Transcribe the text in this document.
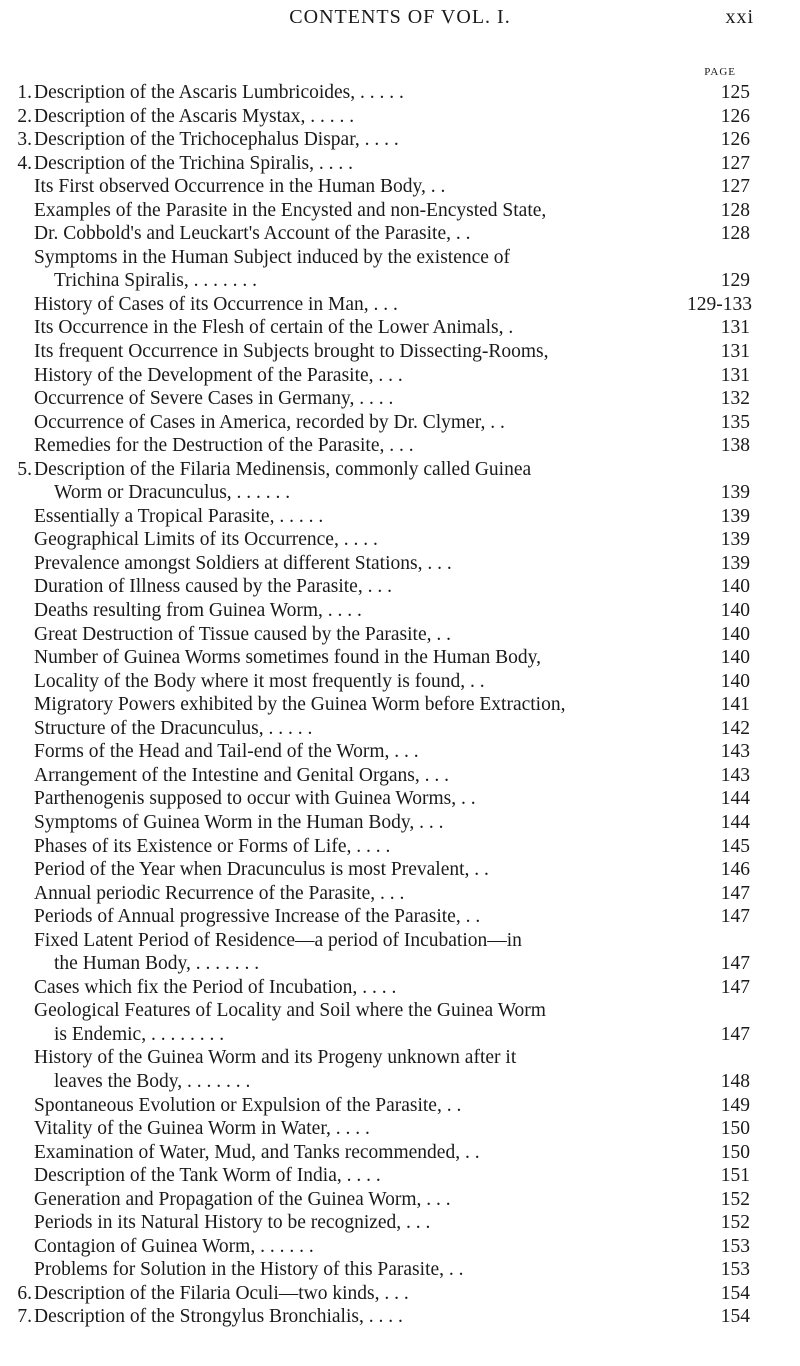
CONTENTS OF VOL. I.	xxi
PAGE
1. Description of the Ascaris Lumbricoides, . . . . .	125
2. Description of the Ascaris Mystax, . . . . .	126
3. Description of the Trichocephalus Dispar, . . . .	126
4. Description of the Trichina Spiralis, . . . .	127
Its First observed Occurrence in the Human Body, . .	127
Examples of the Parasite in the Encysted and non-Encysted State,	128
Dr. Cobbold's and Leuckart's Account of the Parasite, . .	128
Symptoms in the Human Subject induced by the existence of
Trichina Spiralis, . . . . . . .	129
History of Cases of its Occurrence in Man, . . .	129-133
Its Occurrence in the Flesh of certain of the Lower Animals, .	131
Its frequent Occurrence in Subjects brought to Dissecting-Rooms,	131
History of the Development of the Parasite, . . .	131
Occurrence of Severe Cases in Germany, . . . .	132
Occurrence of Cases in America, recorded by Dr. Clymer, . .	135
Remedies for the Destruction of the Parasite, . . .	138
5. Description of the Filaria Medinensis, commonly called Guinea
Worm or Dracunculus, . . . . . .	139
Essentially a Tropical Parasite, . . . . .	139
Geographical Limits of its Occurrence, . . . .	139
Prevalence amongst Soldiers at different Stations, . . .	139
Duration of Illness caused by the Parasite, . . .	140
Deaths resulting from Guinea Worm, . . . .	140
Great Destruction of Tissue caused by the Parasite, . .	140
Number of Guinea Worms sometimes found in the Human Body,	140
Locality of the Body where it most frequently is found, . .	140
Migratory Powers exhibited by the Guinea Worm before Extraction,	141
Structure of the Dracunculus, . . . . .	142
Forms of the Head and Tail-end of the Worm, . . .	143
Arrangement of the Intestine and Genital Organs, . . .	143
Parthenogenis supposed to occur with Guinea Worms, . .	144
Symptoms of Guinea Worm in the Human Body, . . .	144
Phases of its Existence or Forms of Life, . . . .	145
Period of the Year when Dracunculus is most Prevalent, . .	146
Annual periodic Recurrence of the Parasite, . . .	147
Periods of Annual progressive Increase of the Parasite, . .	147
Fixed Latent Period of Residence—a period of Incubation—in
the Human Body, . . . . . . .	147
Cases which fix the Period of Incubation, . . . .	147
Geological Features of Locality and Soil where the Guinea Worm
is Endemic, . . . . . . . .	147
History of the Guinea Worm and its Progeny unknown after it
leaves the Body, . . . . . . .	148
Spontaneous Evolution or Expulsion of the Parasite, . .	149
Vitality of the Guinea Worm in Water, . . . .	150
Examination of Water, Mud, and Tanks recommended, . .	150
Description of the Tank Worm of India, . . . .	151
Generation and Propagation of the Guinea Worm, . . .	152
Periods in its Natural History to be recognized, . . .	152
Contagion of Guinea Worm, . . . . . .	153
Problems for Solution in the History of this Parasite, . .	153
6. Description of the Filaria Oculi—two kinds, . . .	154
7. Description of the Strongylus Bronchialis, . . . .	154
